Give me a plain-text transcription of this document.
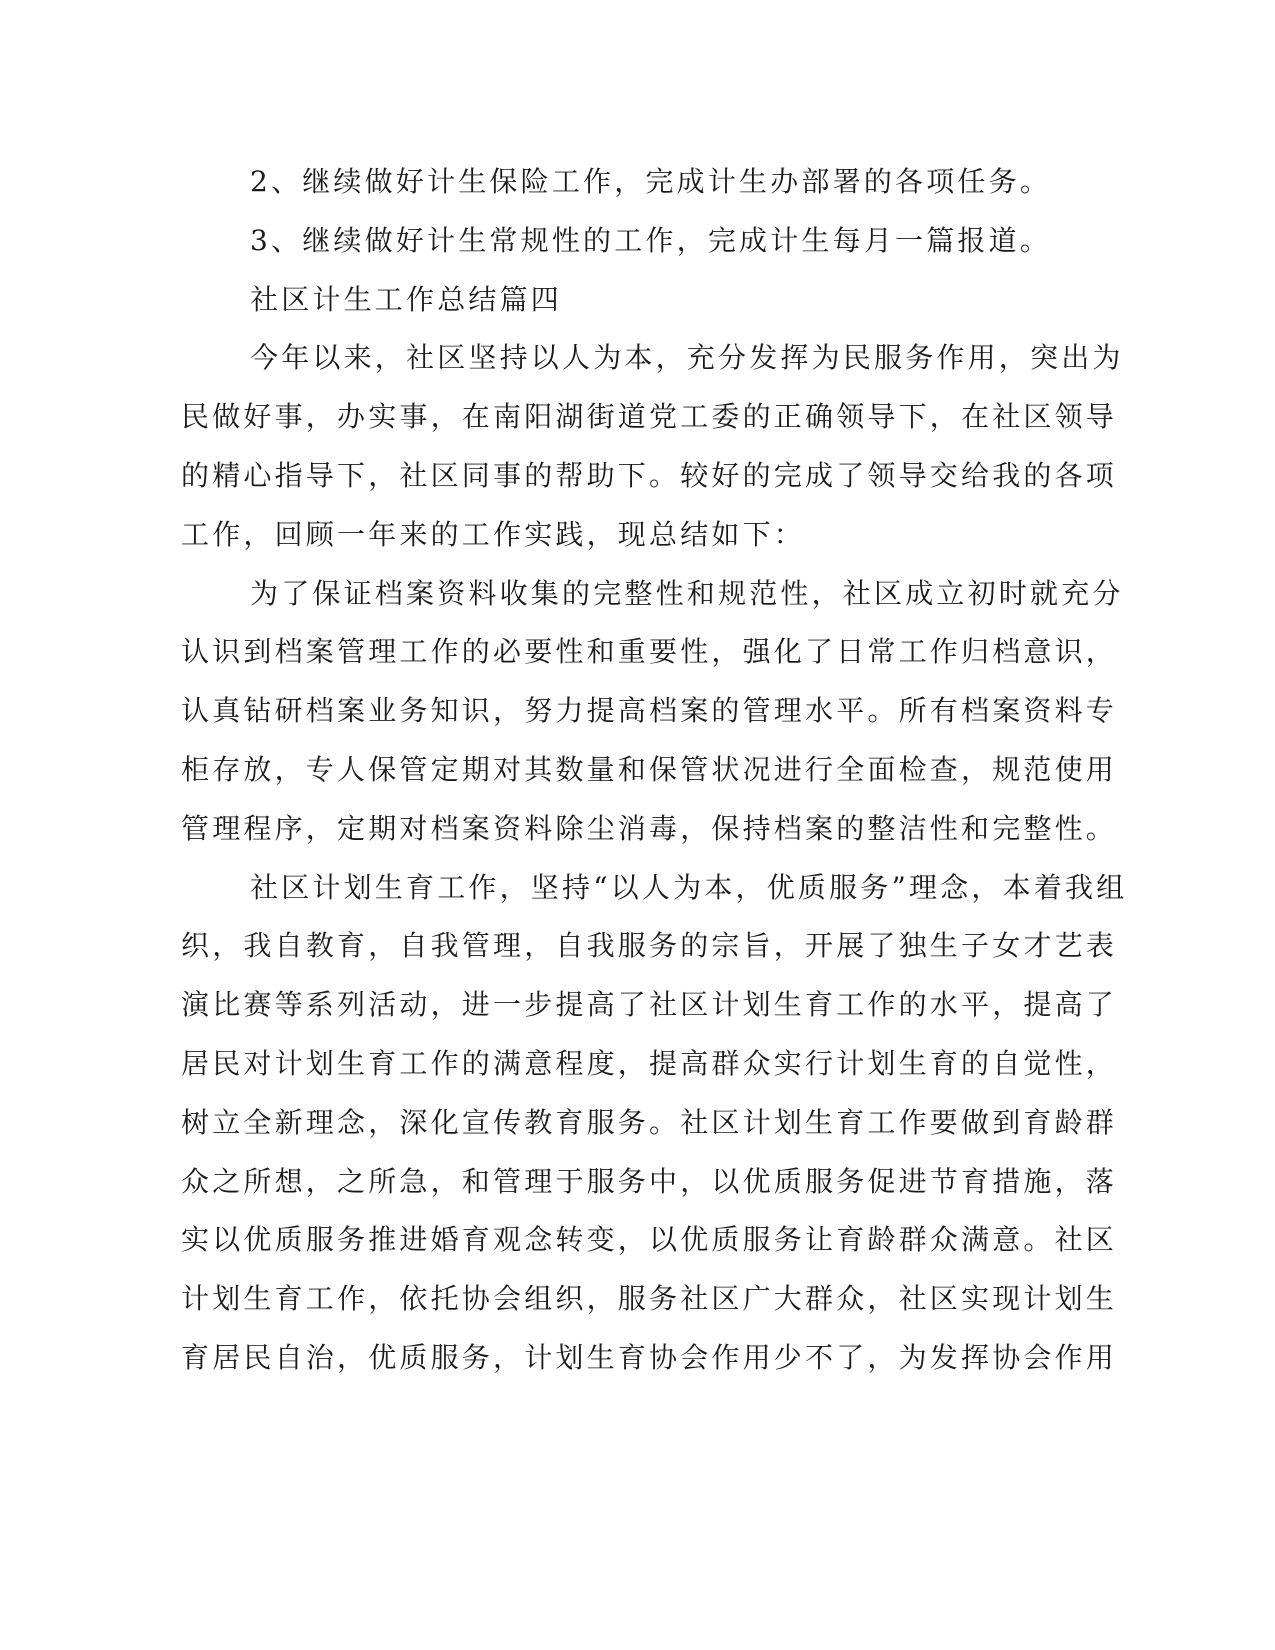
2、继续做好计生保险工作，完成计生办部署的各项任务。
3、继续做好计生常规性的工作，完成计生每月一篇报道。
社区计生工作总结篇四
今年以来，社区坚持以人为本，充分发挥为民服务作用，突出为
民做好事，办实事，在南阳湖街道党工委的正确领导下，在社区领导
的精心指导下，社区同事的帮助下。较好的完成了领导交给我的各项
工作，回顾一年来的工作实践，现总结如下：
为了保证档案资料收集的完整性和规范性，社区成立初时就充分
认识到档案管理工作的必要性和重要性，强化了日常工作归档意识，
认真钻研档案业务知识，努力提高档案的管理水平。所有档案资料专
柜存放，专人保管定期对其数量和保管状况进行全面检查，规范使用
管理程序，定期对档案资料除尘消毒，保持档案的整洁性和完整性。
社区计划生育工作，坚持“以人为本，优质服务”理念，本着我组
织，我自教育，自我管理，自我服务的宗旨，开展了独生子女才艺表
演比赛等系列活动，进一步提高了社区计划生育工作的水平，提高了
居民对计划生育工作的满意程度，提高群众实行计划生育的自觉性，
树立全新理念，深化宣传教育服务。社区计划生育工作要做到育龄群
众之所想，之所急，和管理于服务中，以优质服务促进节育措施，落
实以优质服务推进婚育观念转变，以优质服务让育龄群众满意。社区
计划生育工作，依托协会组织，服务社区广大群众，社区实现计划生
育居民自治，优质服务，计划生育协会作用少不了，为发挥协会作用
